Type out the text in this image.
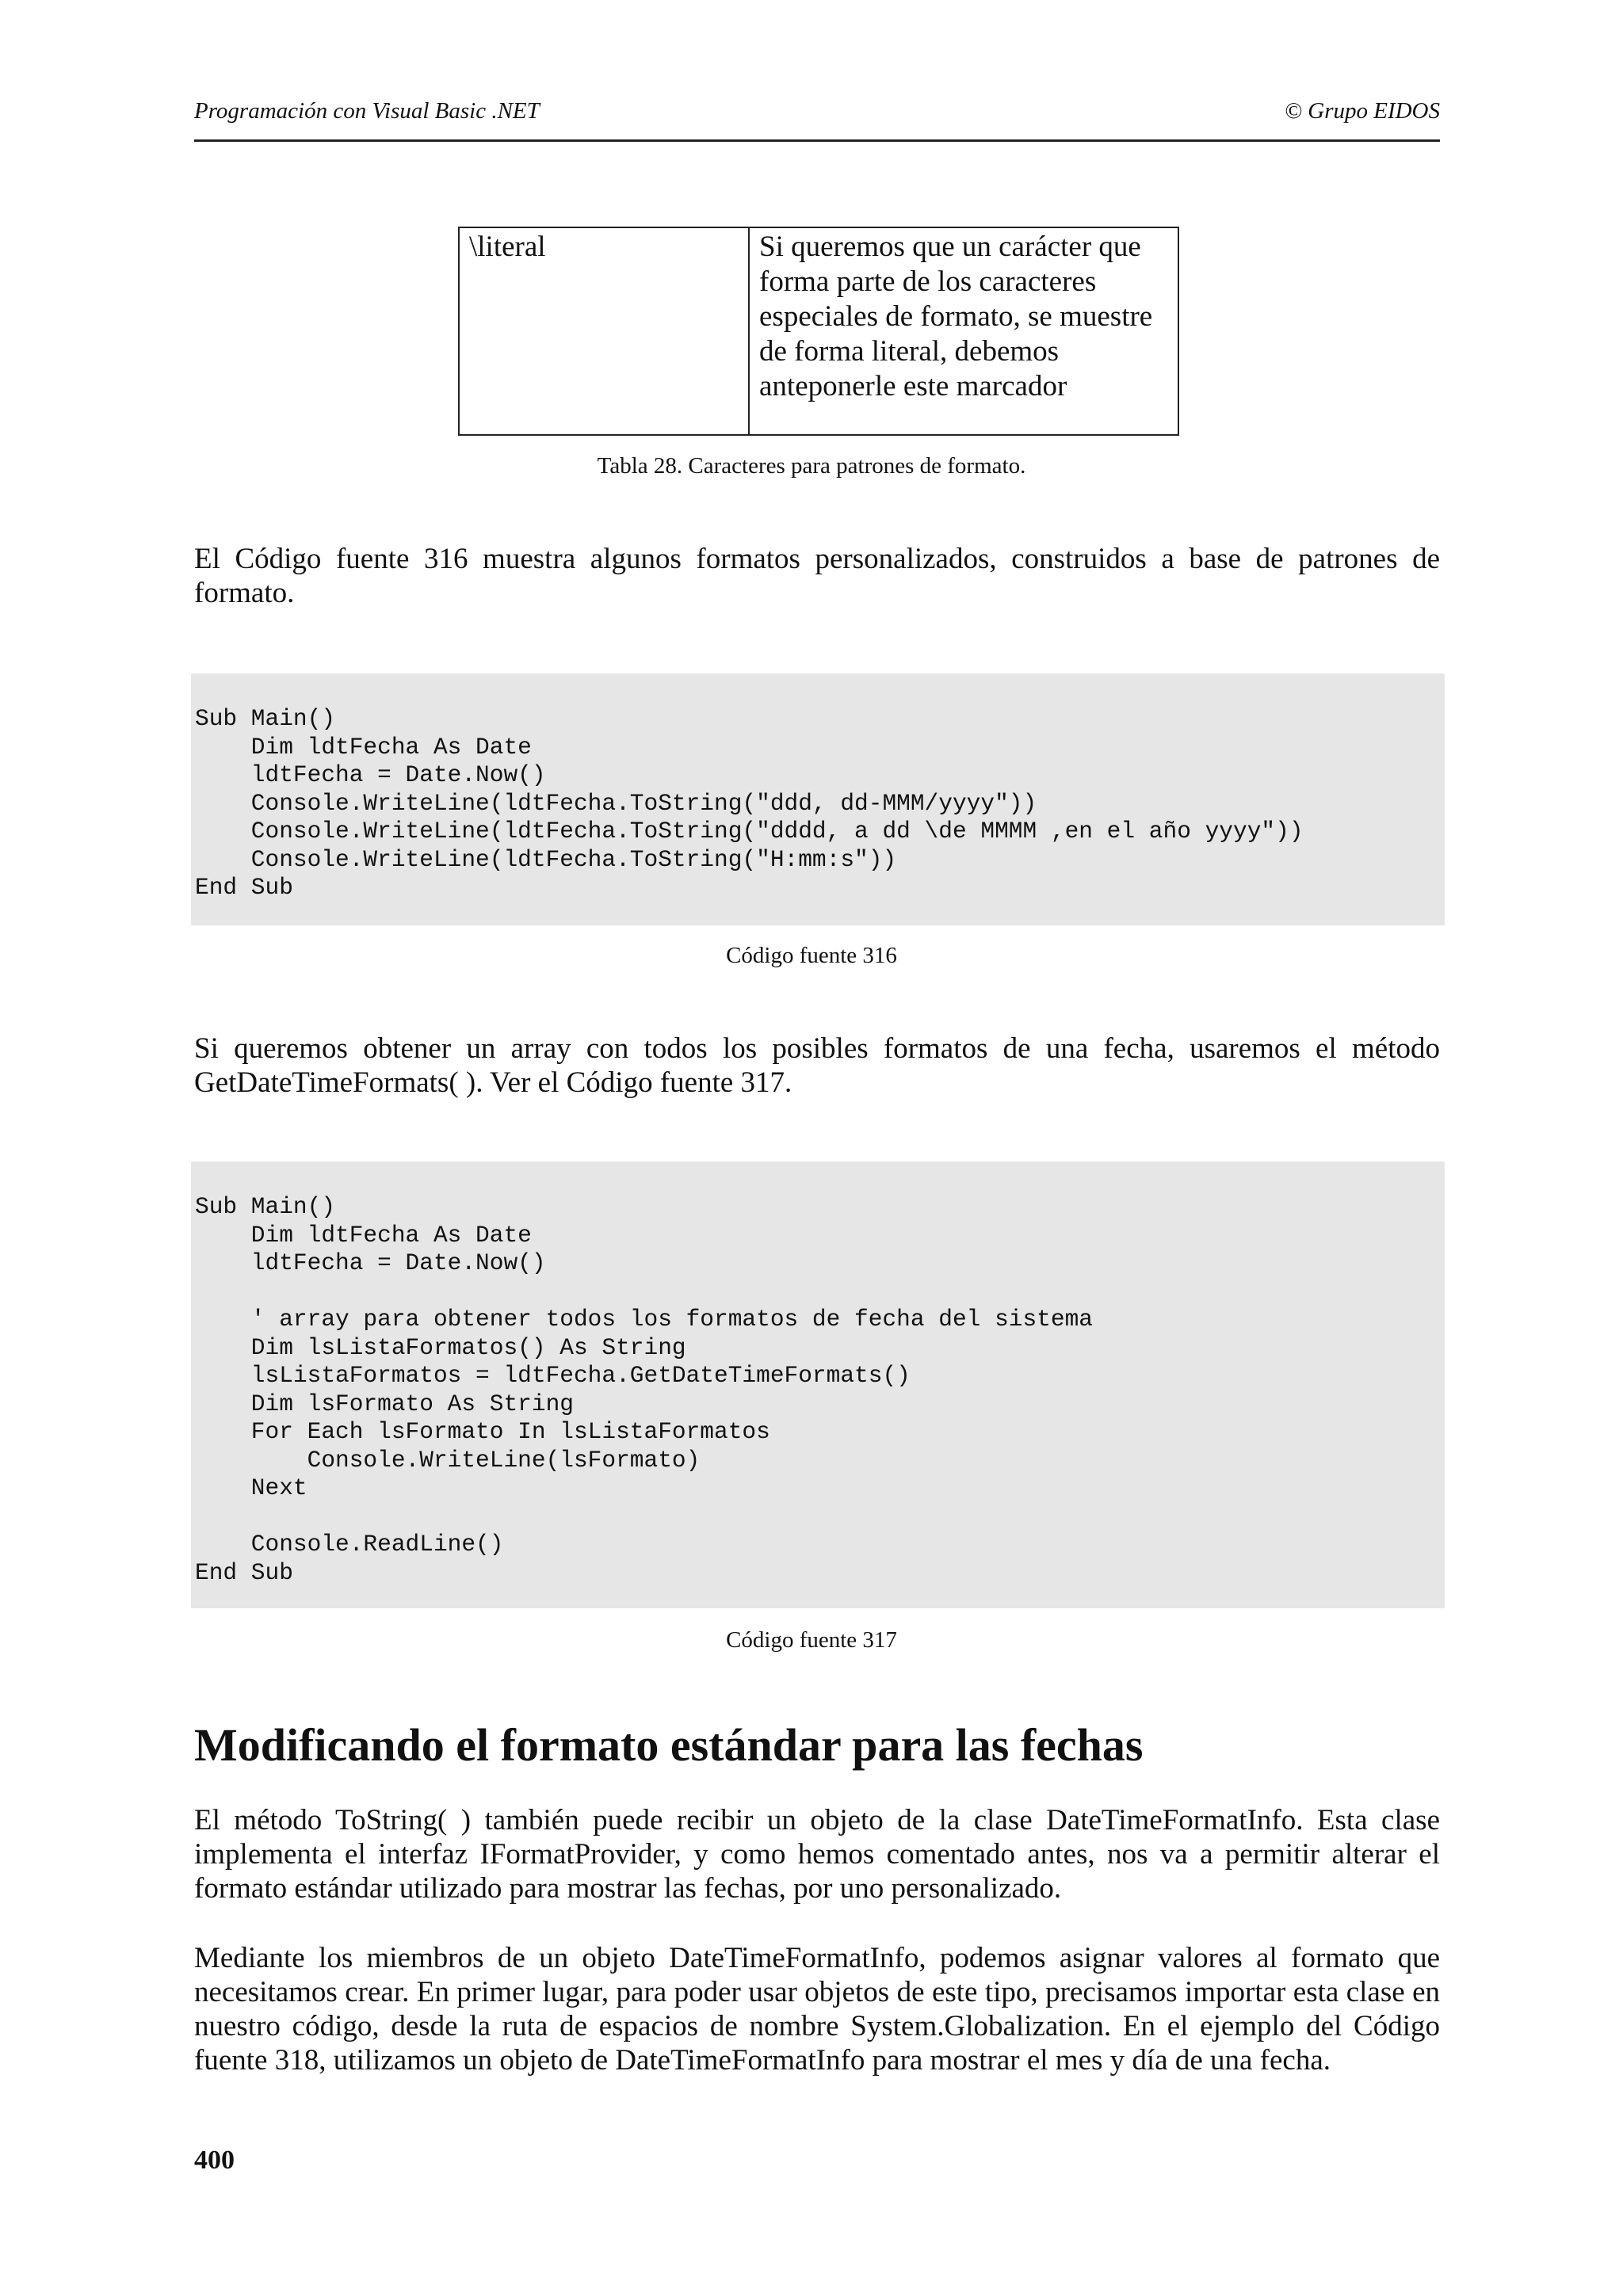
Programación con Visual Basic .NET	© Grupo EIDOS
\literal	Si queremos que un carácter que forma parte de los caracteres especiales de formato, se muestre de forma literal, debemos anteponerle este marcador
Tabla 28. Caracteres para patrones de formato.
El Código fuente 316 muestra algunos formatos personalizados, construidos a base de patrones de formato.
Sub Main()
Dim ldtFecha As Date
ldtFecha = Date.Now()
Console.WriteLine(ldtFecha.ToString("ddd, dd-MMM/yyyy"))
Console.WriteLine(ldtFecha.ToString("dddd, a dd \de MMMM ,en el año yyyy"))
Console.WriteLine(ldtFecha.ToString("H:mm:s"))
End Sub
Código fuente 316
Si queremos obtener un array con todos los posibles formatos de una fecha, usaremos el método GetDateTimeFormats( ). Ver el Código fuente 317.
Sub Main()
Dim ldtFecha As Date
ldtFecha = Date.Now()

' array para obtener todos los formatos de fecha del sistema
Dim lsListaFormatos() As String
lsListaFormatos = ldtFecha.GetDateTimeFormats()
Dim lsFormato As String
For Each lsFormato In lsListaFormatos
Console.WriteLine(lsFormato)
Next

Console.ReadLine()
End Sub
Código fuente 317
Modificando el formato estándar para las fechas
El método ToString( ) también puede recibir un objeto de la clase DateTimeFormatInfo. Esta clase implementa el interfaz IFormatProvider, y como hemos comentado antes, nos va a permitir alterar el formato estándar utilizado para mostrar las fechas, por uno personalizado.
Mediante los miembros de un objeto DateTimeFormatInfo, podemos asignar valores al formato que necesitamos crear. En primer lugar, para poder usar objetos de este tipo, precisamos importar esta clase en nuestro código, desde la ruta de espacios de nombre System.Globalization. En el ejemplo del Código fuente 318, utilizamos un objeto de DateTimeFormatInfo para mostrar el mes y día de una fecha.
400
